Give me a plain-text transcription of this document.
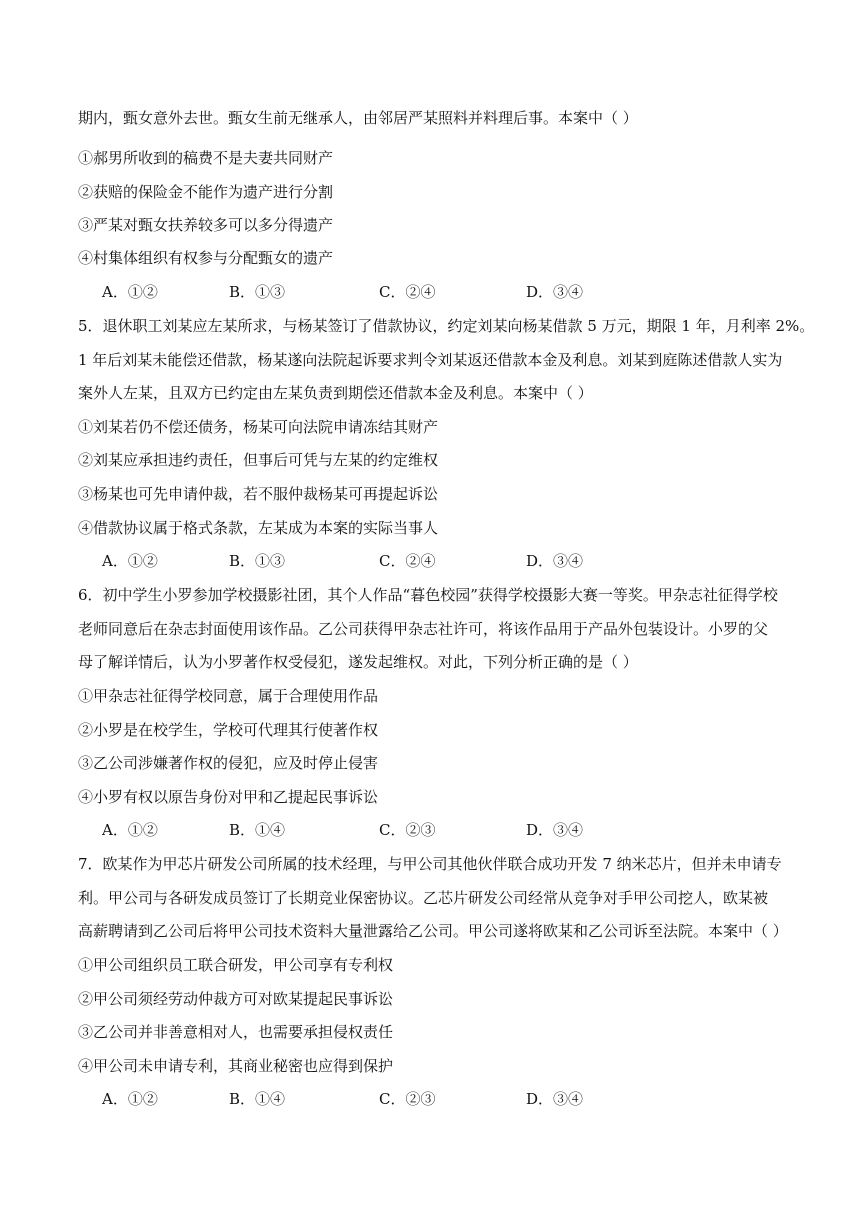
期内，甄女意外去世。甄女生前无继承人，由邻居严某照料并料理后事。本案中（ ）
①郝男所收到的稿费不是夫妻共同财产
②获赔的保险金不能作为遗产进行分割
③严某对甄女扶养较多可以多分得遗产
④村集体组织有权参与分配甄女的遗产
A．①②	B．①③	C．②④	D．③④
5．退休职工刘某应左某所求，与杨某签订了借款协议，约定刘某向杨某借款 5 万元，期限 1 年，月利率 2%。
1 年后刘某未能偿还借款，杨某遂向法院起诉要求判令刘某返还借款本金及利息。刘某到庭陈述借款人实为
案外人左某，且双方已约定由左某负责到期偿还借款本金及利息。本案中（ ）
①刘某若仍不偿还债务，杨某可向法院申请冻结其财产
②刘某应承担违约责任，但事后可凭与左某的约定维权
③杨某也可先申请仲裁，若不服仲裁杨某可再提起诉讼
④借款协议属于格式条款，左某成为本案的实际当事人
A．①②	B．①③	C．②④	D．③④
6．初中学生小罗参加学校摄影社团，其个人作品“暮色校园”获得学校摄影大赛一等奖。甲杂志社征得学校
老师同意后在杂志封面使用该作品。乙公司获得甲杂志社许可，将该作品用于产品外包装设计。小罗的父
母了解详情后，认为小罗著作权受侵犯，遂发起维权。对此，下列分析正确的是（ ）
①甲杂志社征得学校同意，属于合理使用作品
②小罗是在校学生，学校可代理其行使著作权
③乙公司涉嫌著作权的侵犯，应及时停止侵害
④小罗有权以原告身份对甲和乙提起民事诉讼
A．①②	B．①④	C．②③	D．③④
7．欧某作为甲芯片研发公司所属的技术经理，与甲公司其他伙伴联合成功开发 7 纳米芯片，但并未申请专
利。甲公司与各研发成员签订了长期竞业保密协议。乙芯片研发公司经常从竞争对手甲公司挖人，欧某被
高薪聘请到乙公司后将甲公司技术资料大量泄露给乙公司。甲公司遂将欧某和乙公司诉至法院。本案中（ ）
①甲公司组织员工联合研发，甲公司享有专利权
②甲公司须经劳动仲裁方可对欧某提起民事诉讼
③乙公司并非善意相对人，也需要承担侵权责任
④甲公司未申请专利，其商业秘密也应得到保护
A．①②	B．①④	C．②③	D．③④
